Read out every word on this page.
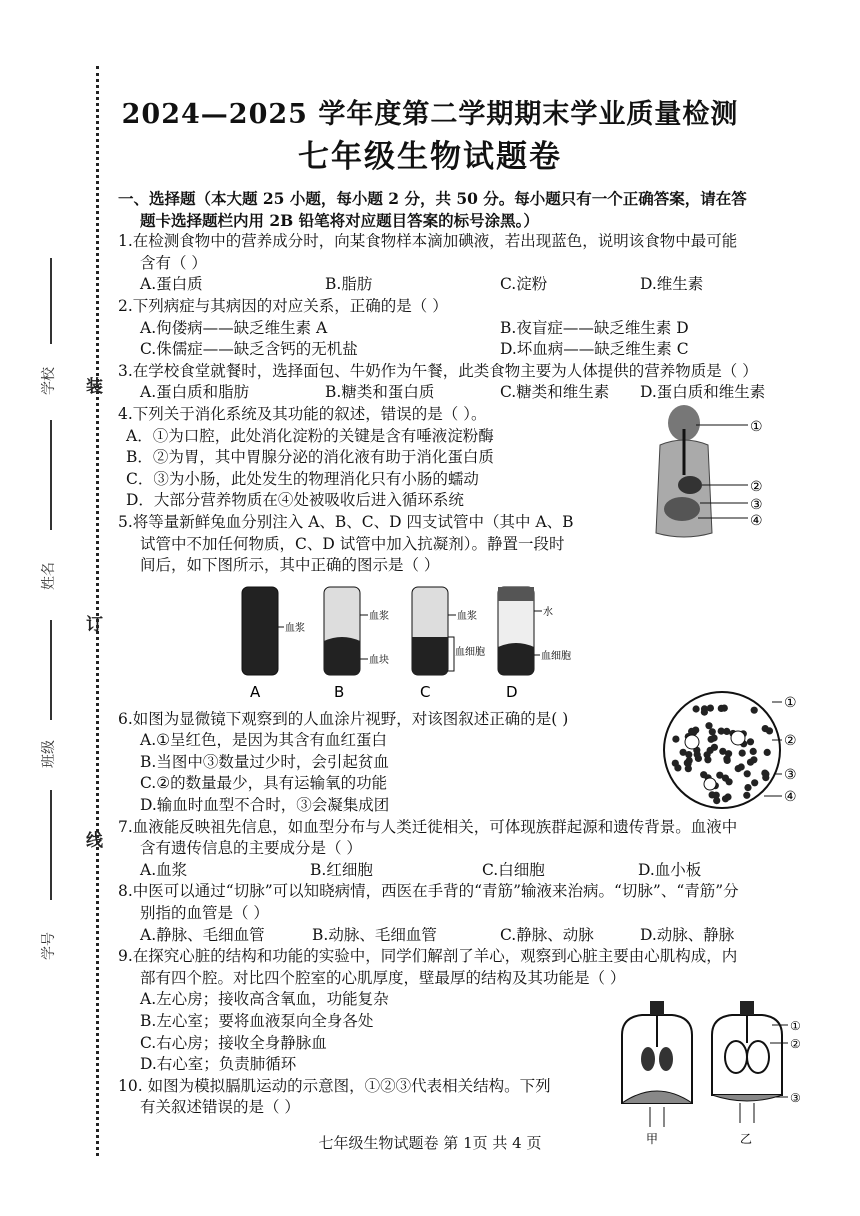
装
订
线
学校
姓名
班级
学号
2024—2025 学年度第二学期期末学业质量检测
七年级生物试题卷
一、选择题（本大题 25 小题，每小题 2 分，共 50 分。每小题只有一个正确答案，请在答
题卡选择题栏内用 2B 铅笔将对应题目答案的标号涂黑。）
1.在检测食物中的营养成分时，向某食物样本滴加碘液，若出现蓝色，说明该食物中最可能
含有（ ）
A.蛋白质	B.脂肪	C.淀粉	D.维生素
2.下列病症与其病因的对应关系，正确的是（ ）
A.佝偻病——缺乏维生素 A	B.夜盲症——缺乏维生素 D
C.侏儒症——缺乏含钙的无机盐	D.坏血病——缺乏维生素 C
3.在学校食堂就餐时，选择面包、牛奶作为午餐，此类食物主要为人体提供的营养物质是（ ）
A.蛋白质和脂肪	B.糖类和蛋白质	C.糖类和维生素	D.蛋白质和维生素
4.下列关于消化系统及其功能的叙述，错误的是（ ）。
A．①为口腔，此处消化淀粉的关键是含有唾液淀粉酶
B．②为胃，其中胃腺分泌的消化液有助于消化蛋白质
C．③为小肠，此处发生的物理消化只有小肠的蠕动
D．大部分营养物质在④处被吸收后进入循环系统
5.将等量新鲜兔血分别注入 A、B、C、D 四支试管中（其中 A、B
试管中不加任何物质，C、D 试管中加入抗凝剂）。静置一段时
间后，如下图所示，其中正确的图示是（ ）
6.如图为显微镜下观察到的人血涂片视野，对该图叙述正确的是( )
A.①呈红色，是因为其含有血红蛋白
B.当图中③数量过少时，会引起贫血
C.②的数量最少，具有运输氧的功能
D.输血时血型不合时，③会凝集成团
7.血液能反映祖先信息，如血型分布与人类迁徙相关，可体现族群起源和遗传背景。血液中
含有遗传信息的主要成分是（ ）
A.血浆	B.红细胞	C.白细胞	D.血小板
8.中医可以通过“切脉”可以知晓病情，西医在手背的“青筋”输液来治病。“切脉”、“青筋”分
别指的血管是（ ）
A.静脉、毛细血管	B.动脉、毛细血管	C.静脉、动脉	D.动脉、静脉
9.在探究心脏的结构和功能的实验中，同学们解剖了羊心，观察到心脏主要由心肌构成，内
部有四个腔。对比四个腔室的心肌厚度，壁最厚的结构及其功能是（ ）
A.左心房；接收高含氧血，功能复杂
B.左心室；要将血液泵向全身各处
C.右心房；接收全身静脉血
D.右心室；负责肺循环
10. 如图为模拟膈肌运动的示意图，①②③代表相关结构。下列
有关叙述错误的是（ ）
①
②
③
④
血浆
A
血浆
血块
B
血浆
血细胞
C
水
血细胞
D
①
②
③
④
甲	乙
①
②
③
七年级生物试题卷 第 1页 共 4 页
